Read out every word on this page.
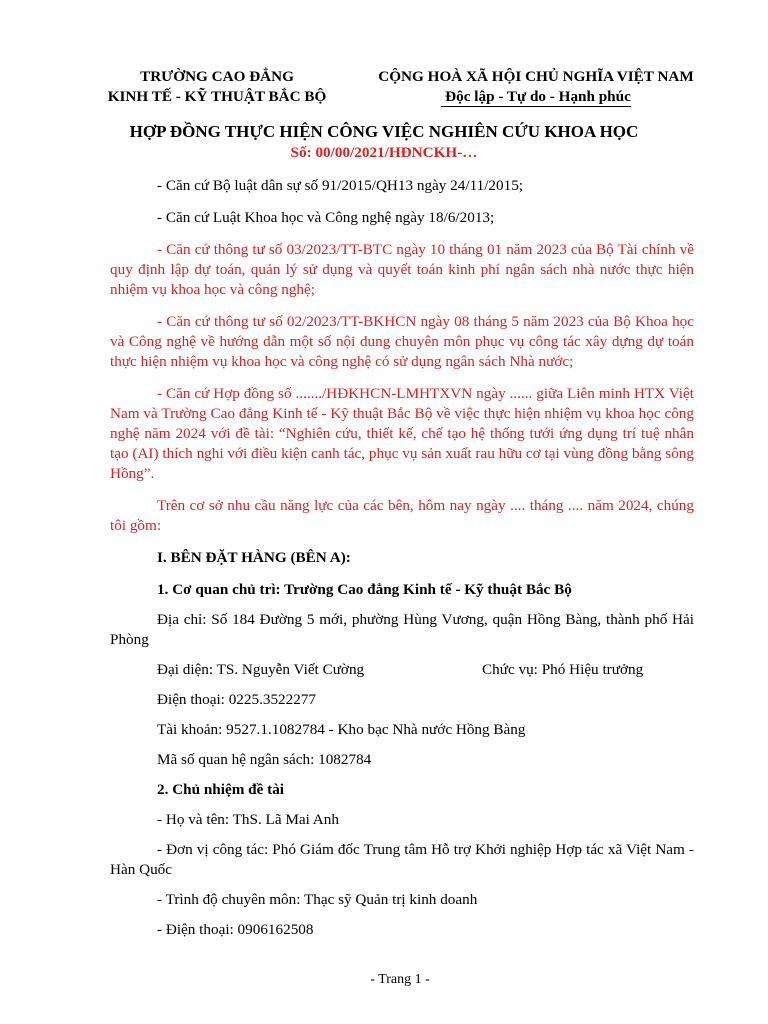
TRƯỜNG CAO ĐẲNG
KINH TẾ - KỸ THUẬT BẮC BỘ
CỘNG HOÀ XÃ HỘI CHỦ NGHĨA VIỆT NAM
Độc lập - Tự do - Hạnh phúc
HỢP ĐỒNG THỰC HIỆN CÔNG VIỆC NGHIÊN CỨU KHOA HỌC
Số: 00/00/2021/HĐNCKH-…

- Căn cứ Bộ luật dân sự số 91/2015/QH13 ngày 24/11/2015;

- Căn cứ Luật Khoa học và Công nghệ ngày 18/6/2013;

- Căn cứ thông tư số 03/2023/TT-BTC ngày 10 tháng 01 năm 2023 của Bộ Tài chính về quy định lập dự toán, quản lý sử dụng và quyết toán kinh phí ngân sách nhà nước thực hiện nhiệm vụ khoa học và công nghệ;

- Căn cứ thông tư số 02/2023/TT-BKHCN ngày 08 tháng 5 năm 2023 của Bộ Khoa học và Công nghệ về hướng dẫn một số nội dung chuyên môn phục vụ công tác xây dựng dự toán thực hiện nhiệm vụ khoa học và công nghệ có sử dụng ngân sách Nhà nước;

- Căn cứ Hợp đồng số ......./HĐKHCN-LMHTXVN ngày ...... giữa Liên minh HTX Việt Nam và Trường Cao đẳng Kinh tế - Kỹ thuật Bắc Bộ về việc thực hiện nhiệm vụ khoa học công nghệ năm 2024 với đề tài: “Nghiên cứu, thiết kế, chế tạo hệ thống tưới ứng dụng trí tuệ nhân tạo (AI) thích nghi với điều kiện canh tác, phục vụ sản xuất rau hữu cơ tại vùng đồng bằng sông Hồng”.

Trên cơ sở nhu cầu năng lực của các bên, hôm nay ngày .... tháng .... năm 2024, chúng tôi gồm:

I. BÊN ĐẶT HÀNG (BÊN A):

1. Cơ quan chủ trì: Trường Cao đẳng Kinh tế - Kỹ thuật Bắc Bộ

Địa chỉ: Số 184 Đường 5 mới, phường Hùng Vương, quận Hồng Bàng, thành phố Hải Phòng

Đại diện: TS. Nguyễn Viết Cường	Chức vụ: Phó Hiệu trưởng

Điện thoại: 0225.3522277

Tài khoản: 9527.1.1082784 - Kho bạc Nhà nước Hồng Bàng

Mã số quan hệ ngân sách: 1082784

2. Chủ nhiệm đề tài

- Họ và tên: ThS. Lã Mai Anh

- Đơn vị công tác: Phó Giám đốc Trung tâm Hỗ trợ Khởi nghiệp Hợp tác xã Việt Nam - Hàn Quốc

- Trình độ chuyên môn: Thạc sỹ Quản trị kinh doanh

- Điện thoại: 0906162508

- Trang 1 -
